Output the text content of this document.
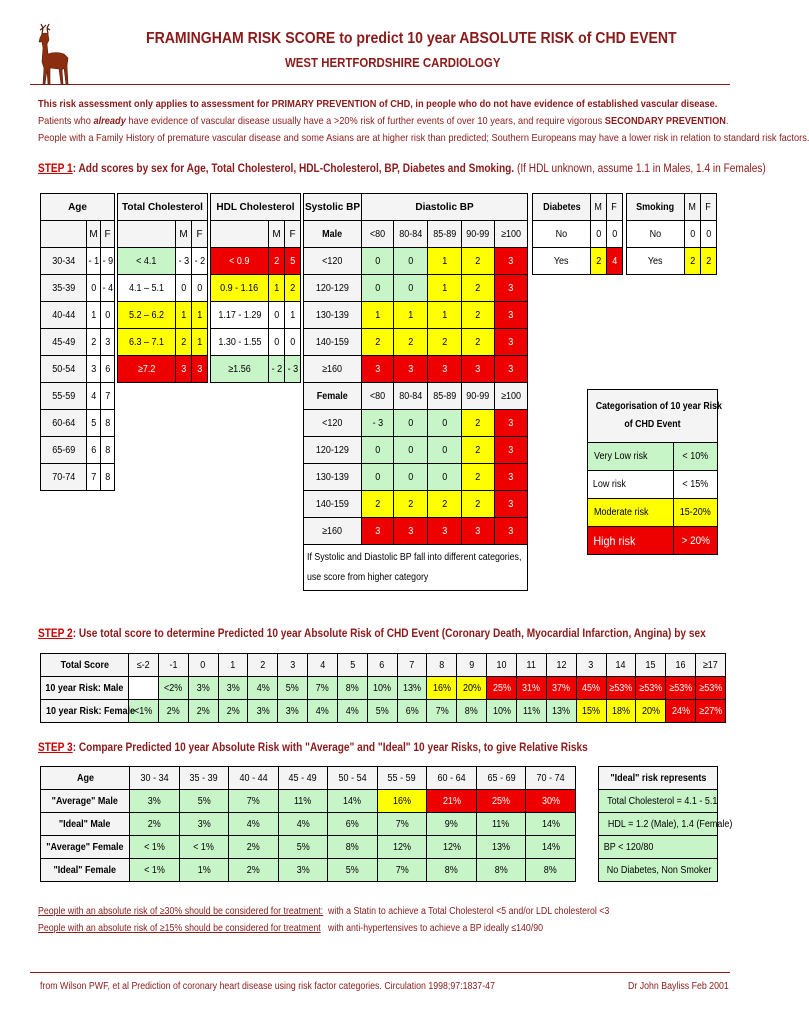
FRAMINGHAM RISK SCORE to predict 10 year ABSOLUTE RISK of CHD EVENT
WEST HERTFORDSHIRE CARDIOLOGY
This risk assessment only applies to assessment for PRIMARY PREVENTION of CHD, in people who do not have evidence of established vascular disease.
Patients who already have evidence of vascular disease usually have a >20% risk of further events of over 10 years, and require vigorous SECONDARY PREVENTION.
People with a Family History of premature vascular disease and some Asians are at higher risk than predicted; Southern Europeans may have a lower risk in relation to standard risk factors.
STEP 1: Add scores by sex for Age, Total Cholesterol, HDL-Cholesterol, BP, Diabetes and Smoking. (If HDL unknown, assume 1.1 in Males, 1.4 in Females)
Age		
	M	F
30-34	- 1	- 9
35-39	0	- 4
40-44	1	0
45-49	2	3
50-54	3	6
55-59	4	7
60-64	5	8
65-69	6	8
70-74	7	8
Total Cholesterol		
	M	F
< 4.1	- 3	- 2
4.1 – 5.1	0	0
5.2 – 6.2	1	1
6.3 – 7.1	2	1
≥7.2	3	3
HDL Cholesterol		
	M	F
< 0.9	2	5
0.9 - 1.16	1	2
1.17 - 1.29	0	1
1.30 - 1.55	0	0
≥1.56	- 2	- 3
Systolic BP	Diastolic BP				
Male	<80	80-84	85-89	90-99	≥100
<120	0	0	1	2	3
120-129	0	0	1	2	3
130-139	1	1	1	2	3
140-159	2	2	2	2	3
≥160	3	3	3	3	3
Female	<80	80-84	85-89	90-99	≥100
<120	- 3	0	0	2	3
120-129	0	0	0	2	3
130-139	0	0	0	2	3
140-159	2	2	2	2	3
≥160	3	3	3	3	3

If Systolic and Diastolic BP fall into different categories,
use score from higher category					
Diabetes	M	F
No	0	0
Yes	2	4
Smoking	M	F
No	0	0
Yes	2	2
Categorisation of 10 year Risk
of CHD Event	

Very Low risk	< 10%
Low risk	< 15%
Moderate risk	15-20%
High risk	> 20%
STEP 2: Use total score to determine Predicted 10 year Absolute Risk of CHD Event (Coronary Death, Myocardial Infarction, Angina) by sex
Total Score	≤-2	-1	0	1	2	3	4	5	6	7	8	9	10	11	12	3	14	15	16	≥17
10 year Risk: Male		<2%	3%	3%	4%	5%	7%	8%	10%	13%	16%	20%	25%	31%	37%	45%	≥53%	≥53%	≥53%	≥53%
10 year Risk: Female	<1%	2%	2%	2%	3%	3%	4%	4%	5%	6%	7%	8%	10%	11%	13%	15%	18%	20%	24%	≥27%
STEP 3: Compare Predicted 10 year Absolute Risk with "Average" and "Ideal" 10 year Risks, to give Relative Risks
Age	30 - 34	35 - 39	40 - 44	45 - 49	50 - 54	55 - 59	60 - 64	65 - 69	70 - 74
"Average" Male	3%	5%	7%	11%	14%	16%	21%	25%	30%
"Ideal" Male	2%	3%	4%	4%	6%	7%	9%	11%	14%
"Average" Female	< 1%	< 1%	2%	5%	8%	12%	12%	13%	14%
"Ideal" Female	< 1%	1%	2%	3%	5%	7%	8%	8%	8%
"Ideal" risk represents
Total Cholesterol = 4.1 - 5.1
HDL = 1.2 (Male), 1.4 (Female)
BP < 120/80
No Diabetes, Non Smoker
People with an absolute risk of ≥30% should be considered for treatment: with a Statin to achieve a Total Cholesterol <5 and/or LDL cholesterol <3
People with an absolute risk of ≥15% should be considered for treatment with anti-hypertensives to achieve a BP ideally ≤140/90
from Wilson PWF, et al Prediction of coronary heart disease using risk factor categories. Circulation 1998;97:1837-47	Dr John Bayliss Feb 2001
